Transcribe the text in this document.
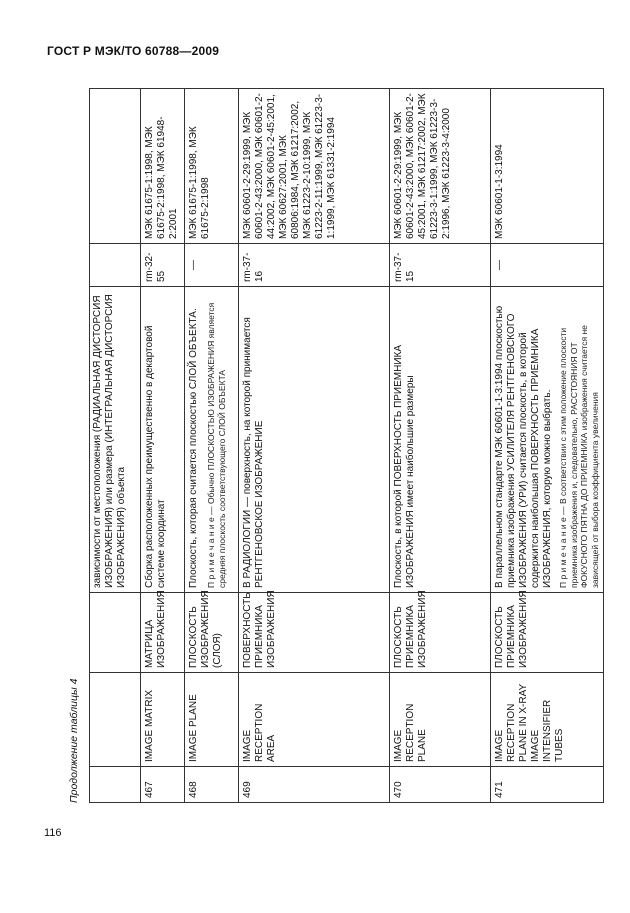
ГОСТ Р МЭК/ТО 60788—2009
Продолжение таблицы 4
			зависимости от местоположения (РАДИАЛЬНАЯ ДИСТОРСИЯ ИЗОБРАЖЕНИЯ) или размера (ИНТЕГРАЛЬНАЯ ДИСТОРСИЯ ИЗОБРАЖЕНИЯ) объекта		
467	IMAGE MATRIX	МАТРИЦА ИЗОБРАЖЕНИЯ	Сборка расположенных преимущественно в декартовой системе координат	rm-32-55	МЭК 61675-1:1998, МЭК 61675-2:1998, МЭК 61948-2:2001
468	IMAGE PLANE	ПЛОСКОСТЬ ИЗОБРАЖЕНИЯ (СЛОЯ)	Плоскость, которая считается плоскостью СЛОЙ ОБЪЕКТА. П р и м е ч а н и е — Обычно ПЛОСКОСТЬЮ ИЗОБРАЖЕНИЯ является средняя плоскость соответствующего СЛОЙ ОБЪЕКТА	—	МЭК 61675-1:1998, МЭК 61675-2:1998
469	IMAGE RECEPTION AREA	ПОВЕРХНОСТЬ ПРИЕМНИКА ИЗОБРАЖЕНИЯ	В РАДИОЛОГИИ — поверхность, на которой принимается РЕНТГЕНОВСКОЕ ИЗОБРАЖЕНИЕ	rm-37-16	МЭК 60601-2-29:1999, МЭК 60601-2-43:2000, МЭК 60601-2-44:2002, МЭК 60601-2-45:2001, МЭК 60627:2001, МЭК 60806:1984, МЭК 61217:2002, МЭК 61223-2-10:1999, МЭК 61223-2-11:1999, МЭК 61223-3-1:1999, МЭК 61331-2:1994
470	IMAGE RECEPTION PLANE	ПЛОСКОСТЬ ПРИЕМНИКА ИЗОБРАЖЕНИЯ	Плоскость, в которой ПОВЕРХНОСТЬ ПРИЕМНИКА ИЗОБРАЖЕНИЯ имеет наибольшие размеры	rm-37-15	МЭК 60601-2-29:1999, МЭК 60601-2-43:2000, МЭК 60601-2-45:2001, МЭК 61217:2002, МЭК 61223-3-1:1999, МЭК 61223-3-2:1996, МЭК 61223-3-4:2000
471	IMAGE RECEPTION PLANE IN X-RAY IMAGE INTENSIFIER TUBES	ПЛОСКОСТЬ ПРИЕМНИКА ИЗОБРАЖЕНИЯ	В параллельном стандарте МЭК 60601-1-3:1994 плоскостью приемника изображения УСИЛИТЕЛЯ РЕНТГЕНОВСКОГО ИЗОБРАЖЕНИЯ (УРИ) считается плоскость, в которой содержится наибольшая ПОВЕРХНОСТЬ ПРИЕМНИКА ИЗОБРАЖЕНИЯ, которую можно выбрать. П р и м е ч а н и е — В соответствии с этим положение плоскости приемника изображения и, следовательно, РАССТОЯНИЯ ОТ ФОКУСНОГО ПЯТНА ДО ПРИЕМНИКА изображения считается не зависящей от выбора коэффициента увеличения	—	МЭК 60601-1-3:1994
116
